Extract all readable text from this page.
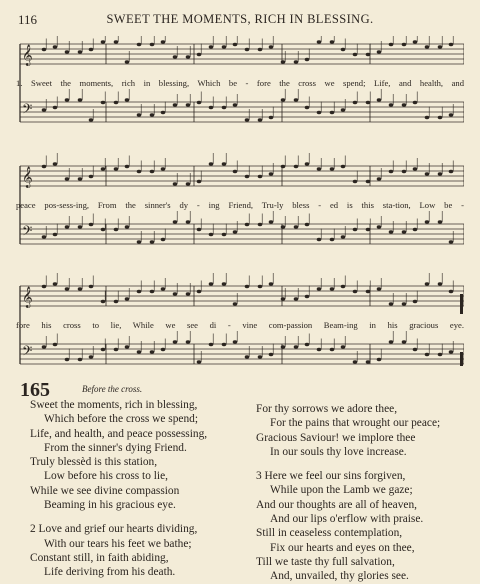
116	SWEET THE MOMENTS, RICH IN BLESSING.
𝄞
𝄢
𝄞
𝄢
𝄞
𝄢
1. Sweet the moments, rich in blessing, Which be - fore the cross we spend; Life, and health, and
peace pos-sess-ing, From the sinner's dy - ing Friend, Tru-ly bless - ed is this sta-tion, Low be -
fore his cross to lie, While we see di - vine com-passion Beam-ing in his gracious eye.
165	Before the cross.
Sweet the moments, rich in blessing,
Which before the cross we spend;
Life, and health, and peace possessing,
From the sinner's dying Friend.
Truly blessèd is this station,
Low before his cross to lie,
While we see divine compassion
Beaming in his gracious eye.
2 Love and grief our hearts dividing,
With our tears his feet we bathe;
Constant still, in faith abiding,
Life deriving from his death.
For thy sorrows we adore thee,
For the pains that wrought our peace;
Gracious Saviour! we implore thee
In our souls thy love increase.
3 Here we feel our sins forgiven,
While upon the Lamb we gaze;
And our thoughts are all of heaven,
And our lips o'erflow with praise.
Still in ceaseless contemplation,
Fix our hearts and eyes on thee,
Till we taste thy full salvation,
And, unvailed, thy glories see.
